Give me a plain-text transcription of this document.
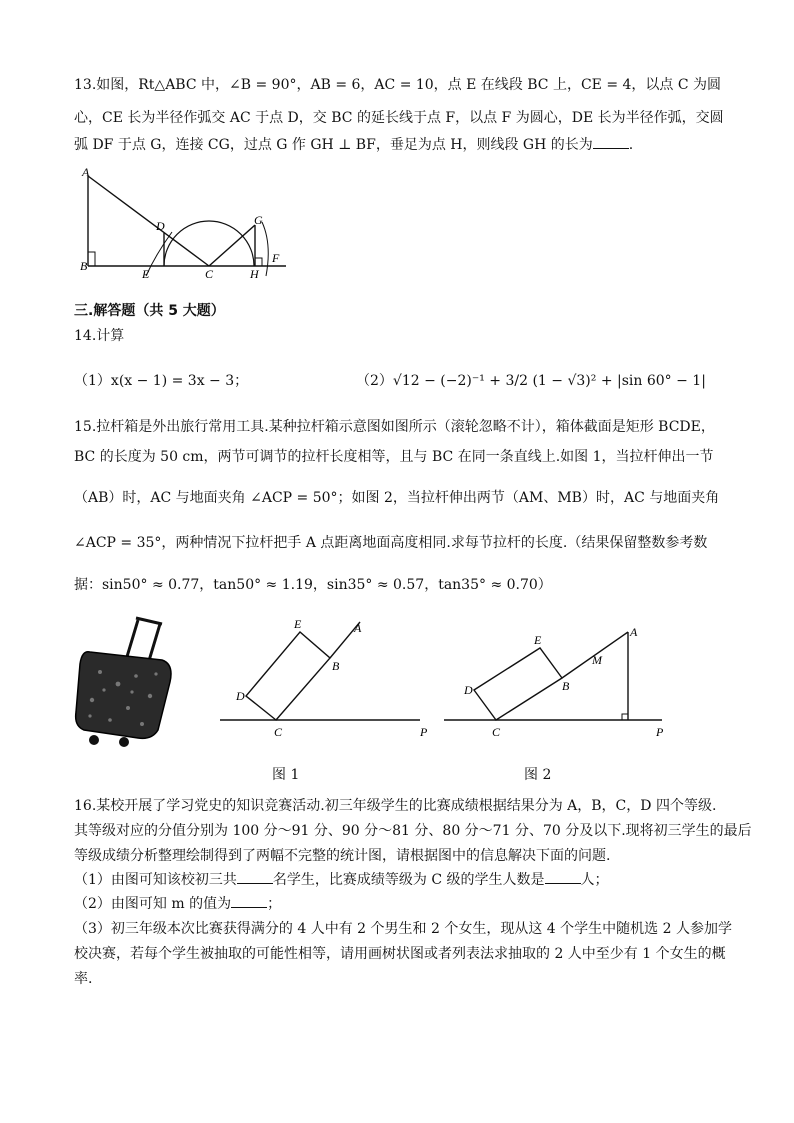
13.如图，Rt△ABC 中，∠B = 90°，AB = 6，AC = 10，点 E 在线段 BC 上，CE = 4，以点 C 为圆
心，CE 长为半径作弧交 AC 于点 D，交 BC 的延长线于点 F，以点 F 为圆心，DE 长为半径作弧，交圆
弧 DF 于点 G，连接 CG，过点 G 作 GH ⊥ BF，垂足为点 H，则线段 GH 的长为	.
A
B
C
D
E
F
G
H
三.解答题（共 5 大题）
14.计算
（1）x(x − 1) = 3x − 3；	（2）√12 − (−2)⁻¹ + 3/2 (1 − √3)² + |sin 60° − 1|
15.拉杆箱是外出旅行常用工具.某种拉杆箱示意图如图所示（滚轮忽略不计），箱体截面是矩形 BCDE，
BC 的长度为 50 cm，两节可调节的拉杆长度相等，且与 BC 在同一条直线上.如图 1，当拉杆伸出一节
（AB）时，AC 与地面夹角 ∠ACP = 50°；如图 2，当拉杆伸出两节（AM、MB）时，AC 与地面夹角
∠ACP = 35°，两种情况下拉杆把手 A 点距离地面高度相同.求每节拉杆的长度.（结果保留整数参考数
据：sin50° ≈ 0.77，tan50° ≈ 1.19，sin35° ≈ 0.57，tan35° ≈ 0.70）
A
B
C
D
E
P
图 1
A
M
B
C
D
E
P
图 2
16.某校开展了学习党史的知识竞赛活动.初三年级学生的比赛成绩根据结果分为 A，B，C，D 四个等级.
其等级对应的分值分别为 100 分～91 分、90 分～81 分、80 分～71 分、70 分及以下.现将初三学生的最后
等级成绩分析整理绘制得到了两幅不完整的统计图，请根据图中的信息解决下面的问题.
（1）由图可知该校初三共	名学生，比赛成绩等级为 C 级的学生人数是	人；
（2）由图可知 m 的值为	；
（3）初三年级本次比赛获得满分的 4 人中有 2 个男生和 2 个女生，现从这 4 个学生中随机选 2 人参加学
校决赛，若每个学生被抽取的可能性相等，请用画树状图或者列表法求抽取的 2 人中至少有 1 个女生的概
率.
